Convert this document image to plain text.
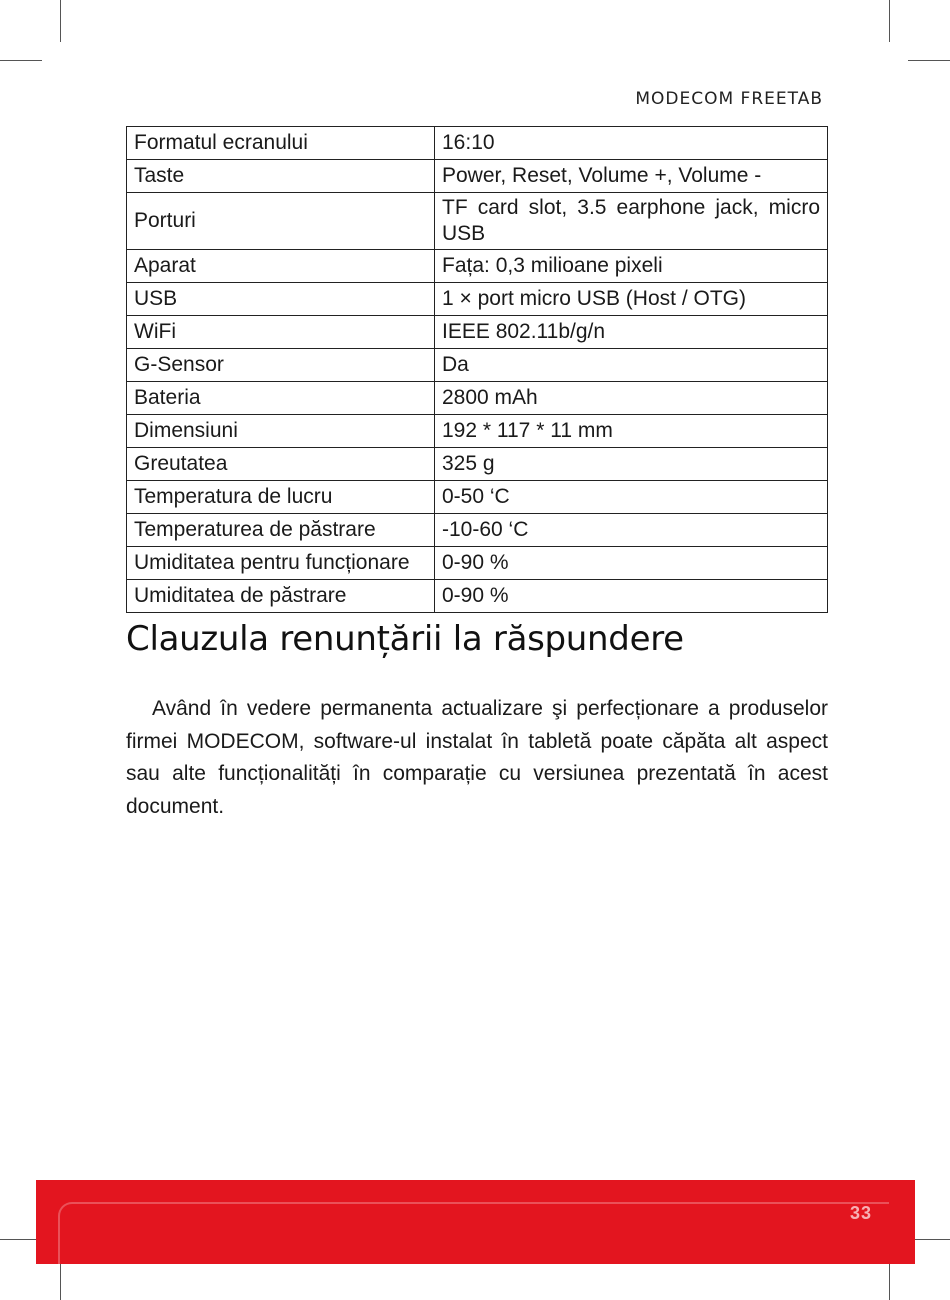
MODECOM FREETAB
Formatul ecranului	16:10
Taste	Power, Reset, Volume +, Volume -
Porturi	TF card slot, 3.5 earphone jack, micro USB
Aparat	Fața: 0,3 milioane pixeli
USB	1 × port micro USB (Host / OTG)
WiFi	IEEE 802.11b/g/n
G-Sensor	Da
Bateria	2800 mAh
Dimensiuni	192 * 117 * 11 mm
Greutatea	325 g
Temperatura de lucru	0-50 ‘C
Temperaturea de păstrare	-10-60 ‘C
Umiditatea pentru funcționare	0-90 %
Umiditatea de păstrare	0-90 %
Clauzula renunțării la răspundere
Având în vedere permanenta actualizare şi perfecționare a produselor firmei MODECOM, software-ul instalat în tabletă poate căpăta alt aspect sau alte funcționalități în comparație cu versiunea prezentată în acest document.
33
